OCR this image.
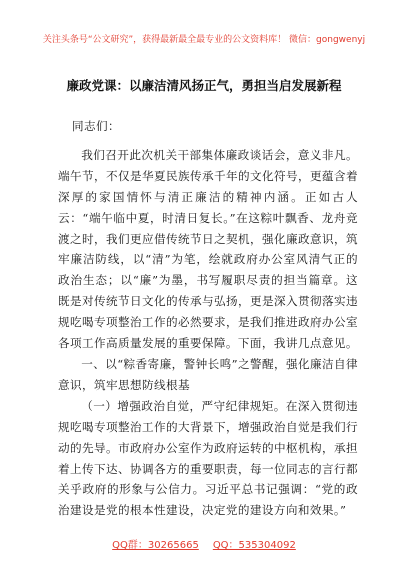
关注头条号“公文研究”，获得最新最全最专业的公文资料库！ 微信：gongwenyj
廉政党课：以廉洁清风扬正气，勇担当启发展新程

同志们：

我们召开此次机关干部集体廉政谈话会，意义非凡。端午节，不仅是华夏民族传承千年的文化符号，更蕴含着深厚的家国情怀与清正廉洁的精神内涵。正如古人云：“端午临中夏，时清日复长。”在这粽叶飘香、龙舟竞渡之时，我们更应借传统节日之契机，强化廉政意识，筑牢廉洁防线，以“清”为笔，绘就政府办公室风清气正的政治生态；以“廉”为墨，书写履职尽责的担当篇章。这既是对传统节日文化的传承与弘扬，更是深入贯彻落实违规吃喝专项整治工作的必然要求，是我们推进政府办公室各项工作高质量发展的重要保障。下面，我讲几点意见。

一、以“粽香寄廉，警钟长鸣”之警醒，强化廉洁自律意识，筑牢思想防线根基

（一）增强政治自觉，严守纪律规矩。在深入贯彻违规吃喝专项整治工作的大背景下，增强政治自觉是我们行动的先导。市政府办公室作为政府运转的中枢机构，承担着上传下达、协调各方的重要职责，每一位同志的言行都关乎政府的形象与公信力。习近平总书记强调：“党的政治建设是党的根本性建设，决定党的建设方向和效果。”

QQ群：30265665 QQ：535304092
